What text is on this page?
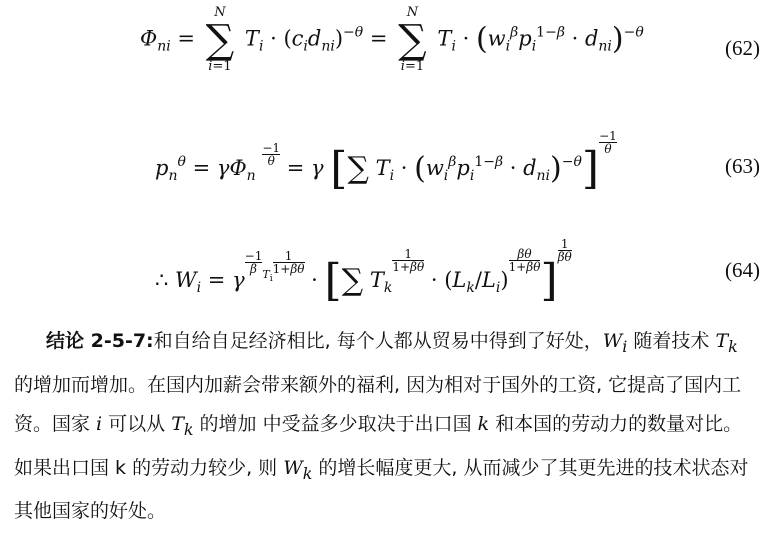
$\Phi_{ni}$ =
N
∑
i=1
$T_i \cdot (c_id_{ni})^{-\theta}$ =
N
∑
i=1
$T_i \cdot (w_i^\beta p_i^{1-\beta} \cdot d_{ni})^{-\theta}$
(62)
$p_n^\theta = \gamma\Phi_n$
$\frac{-1}{\theta}$
= γ [∑ $T_i \cdot (w_i^\beta p_i^{1-\beta} \cdot d_{ni})^{-\theta}$]
$\frac{-1}{\theta}$
(63)
∴ $W_i = \gamma$
$\frac{-1}{\beta} ^{T_i}$
$\frac{1}{1+\beta\theta}$
· [∑ $T_k$
$\frac{1}{1+\beta\theta}$
· $(L_k/L_i)$
$\frac{\beta\theta}{1+\beta\theta}$ ]
$\frac{1}{\beta\theta}$
(64)
结论 2-5-7:和自给自足经济相比, 每个人都从贸易中得到了好处，$W_i$ 随着技术 $T_k$ 的增加而增加。在国内加薪会带来额外的福利, 因为相对于国外的工资, 它提高了国内工资。国家 i 可以从 $T_k$ 的增加 中受益多少取决于出口国 k 和本国的劳动力的数量对比。如果出口国 k 的劳动力较少, 则 $W_k$ 的增长幅度更大, 从而减少了其更先进的技术状态对其他国家的好处。
